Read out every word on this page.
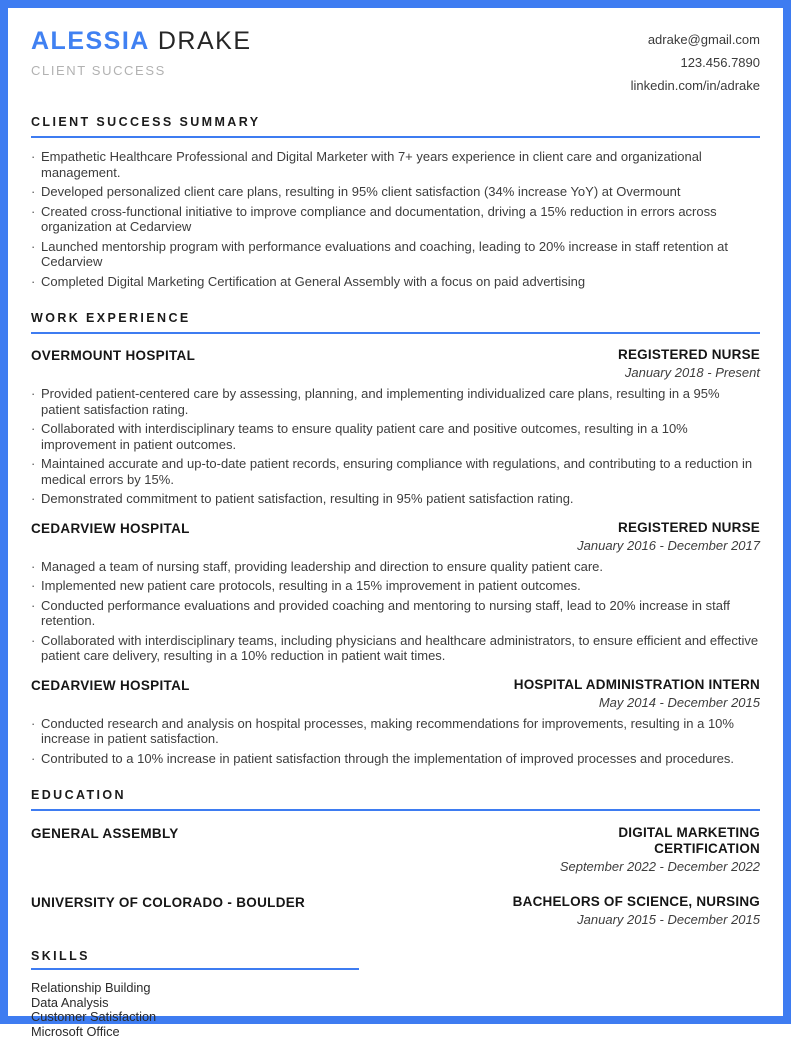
ALESSIA DRAKE
CLIENT SUCCESS
adrake@gmail.com
123.456.7890
linkedin.com/in/adrake
CLIENT SUCCESS SUMMARY
· Empathetic Healthcare Professional and Digital Marketer with 7+ years experience in client care and organizational management.
· Developed personalized client care plans, resulting in 95% client satisfaction (34% increase YoY) at Overmount
· Created cross-functional initiative to improve compliance and documentation, driving a 15% reduction in errors across organization at Cedarview
· Launched mentorship program with performance evaluations and coaching, leading to 20% increase in staff retention at Cedarview
· Completed Digital Marketing Certification at General Assembly with a focus on paid advertising
WORK EXPERIENCE
OVERMOUNT HOSPITAL	REGISTERED NURSE
January 2018 - Present
· Provided patient-centered care by assessing, planning, and implementing individualized care plans, resulting in a 95% patient satisfaction rating.
· Collaborated with interdisciplinary teams to ensure quality patient care and positive outcomes, resulting in a 10% improvement in patient outcomes.
· Maintained accurate and up-to-date patient records, ensuring compliance with regulations, and contributing to a reduction in medical errors by 15%.
· Demonstrated commitment to patient satisfaction, resulting in 95% patient satisfaction rating.
CEDARVIEW HOSPITAL	REGISTERED NURSE
January 2016 - December 2017
· Managed a team of nursing staff, providing leadership and direction to ensure quality patient care.
· Implemented new patient care protocols, resulting in a 15% improvement in patient outcomes.
· Conducted performance evaluations and provided coaching and mentoring to nursing staff, lead to 20% increase in staff retention.
· Collaborated with interdisciplinary teams, including physicians and healthcare administrators, to ensure efficient and effective patient care delivery, resulting in a 10% reduction in patient wait times.
CEDARVIEW HOSPITAL	HOSPITAL ADMINISTRATION INTERN
May 2014 - December 2015
· Conducted research and analysis on hospital processes, making recommendations for improvements, resulting in a 10% increase in patient satisfaction.
· Contributed to a 10% increase in patient satisfaction through the implementation of improved processes and procedures.
EDUCATION
GENERAL ASSEMBLY	DIGITAL MARKETING CERTIFICATION
September 2022 - December 2022
UNIVERSITY OF COLORADO - BOULDER	BACHELORS OF SCIENCE, NURSING
January 2015 - December 2015
SKILLS
Relationship Building
Data Analysis
Customer Satisfaction
Microsoft Office
